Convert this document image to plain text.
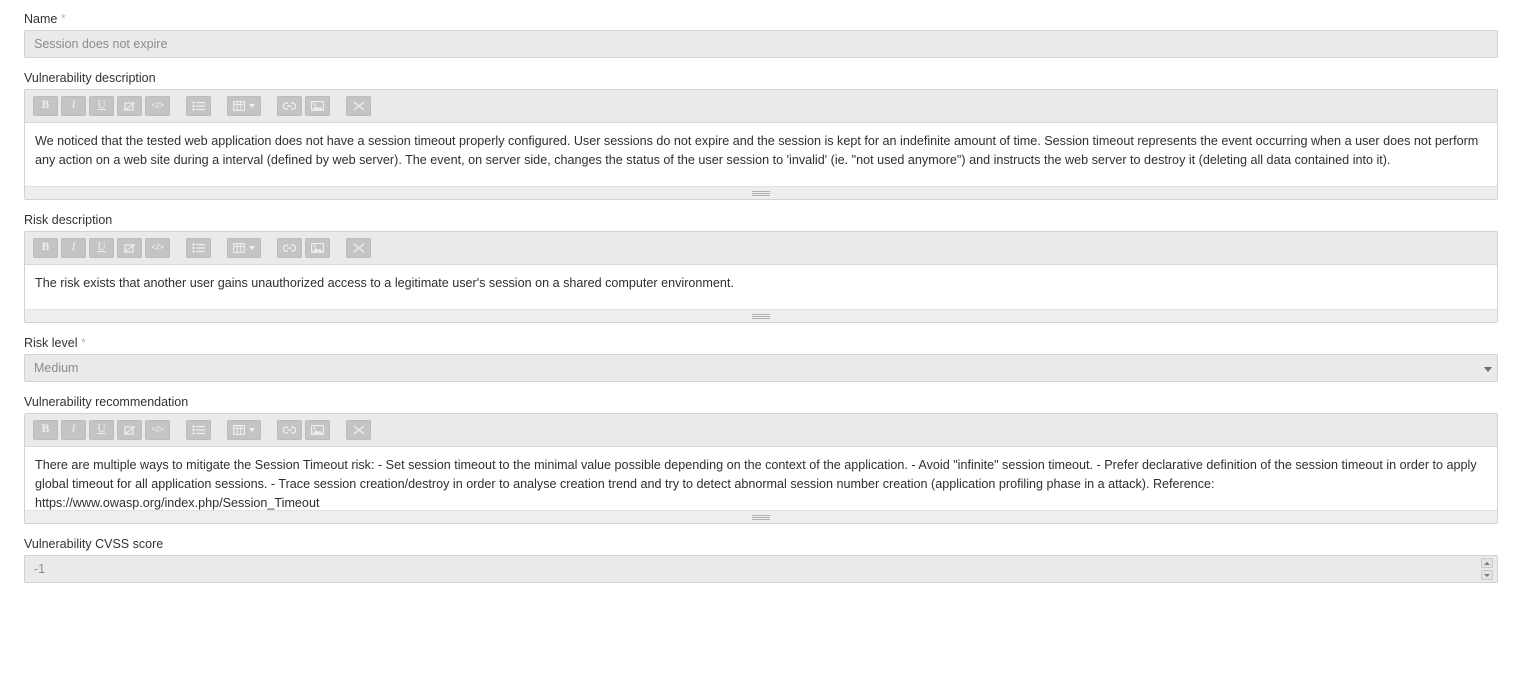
Name *
Session does not expire
Vulnerability description
B I U	</>

We noticed that the tested web application does not have a session timeout properly configured. User sessions do not expire and the session is kept for an indefinite amount of time. Session timeout represents the event occurring when a user does not perform any action on a web site during a interval (defined by web server). The event, on server side, changes the status of the user session to 'invalid' (ie. "not used anymore") and instructs the web server to destroy it (deleting all data contained into it).

Risk description
B I U	</>

The risk exists that another user gains unauthorized access to a legitimate user's session on a shared computer environment.

Risk level *
Medium
Vulnerability recommendation
B I U	</>

There are multiple ways to mitigate the Session Timeout risk: - Set session timeout to the minimal value possible depending on the context of the application. - Avoid "infinite" session timeout. - Prefer declarative definition of the session timeout in order to apply global timeout for all application sessions. - Trace session creation/destroy in order to analyse creation trend and try to detect abnormal session number creation (application profiling phase in a attack). Reference: https://www.owasp.org/index.php/Session_Timeout

Vulnerability CVSS score
-1
